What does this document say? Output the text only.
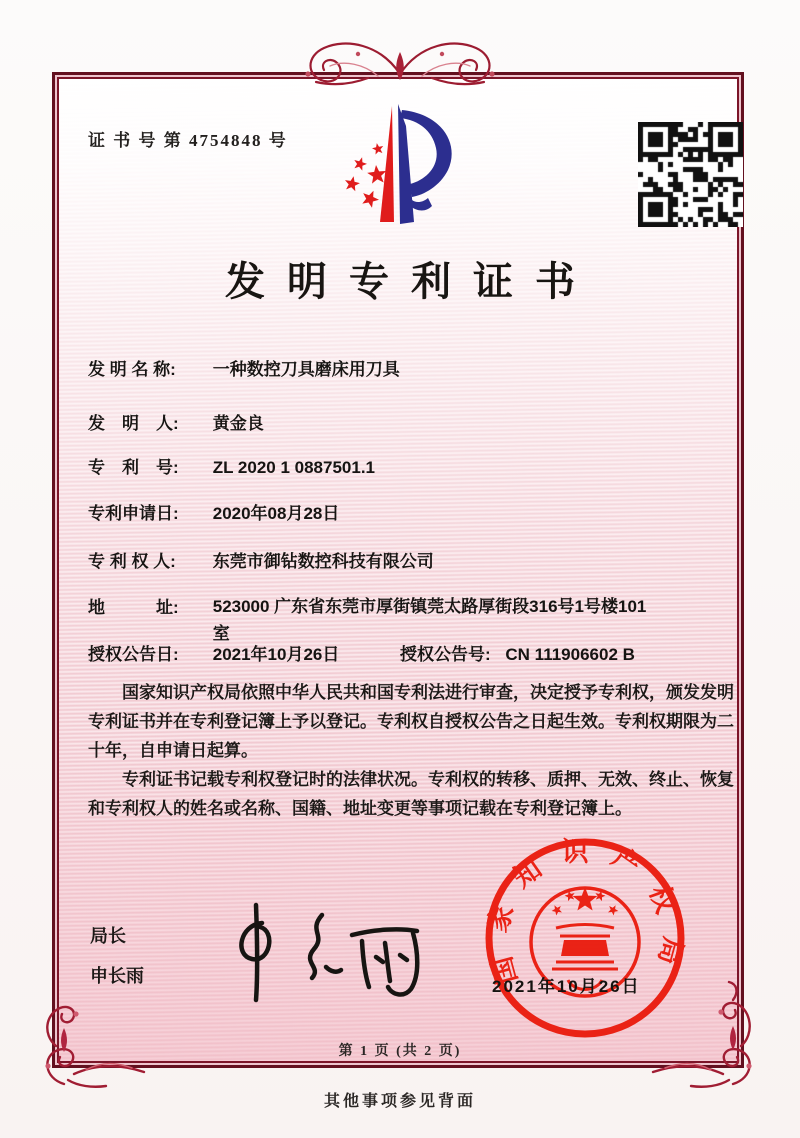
证 书 号 第 4754848 号
发明专利证书
发 明 名 称: 一种数控刀具磨床用刀具
发　明　人: 黄金良
专　利　号: ZL 2020 1 0887501.1
专利申请日: 2020年08月28日
专 利 权 人: 东莞市御钻数控科技有限公司
地　　　址: 523000 广东省东莞市厚街镇莞太路厚街段316号1号楼101
室
授权公告日: 2021年10月26日	授权公告号: CN 111906602 B

国家知识产权局依照中华人民共和国专利法进行审查，决定授予专利权，颁发发明专利证书并在专利登记簿上予以登记。专利权自授权公告之日起生效。专利权期限为二十年，自申请日起算。

专利证书记载专利权登记时的法律状况。专利权的转移、质押、无效、终止、恢复和专利权人的姓名或名称、国籍、地址变更等事项记载在专利登记簿上。

局长
申长雨	国家知识产权局
2021年10月26日
第 1 页 (共 2 页)
其他事项参见背面
